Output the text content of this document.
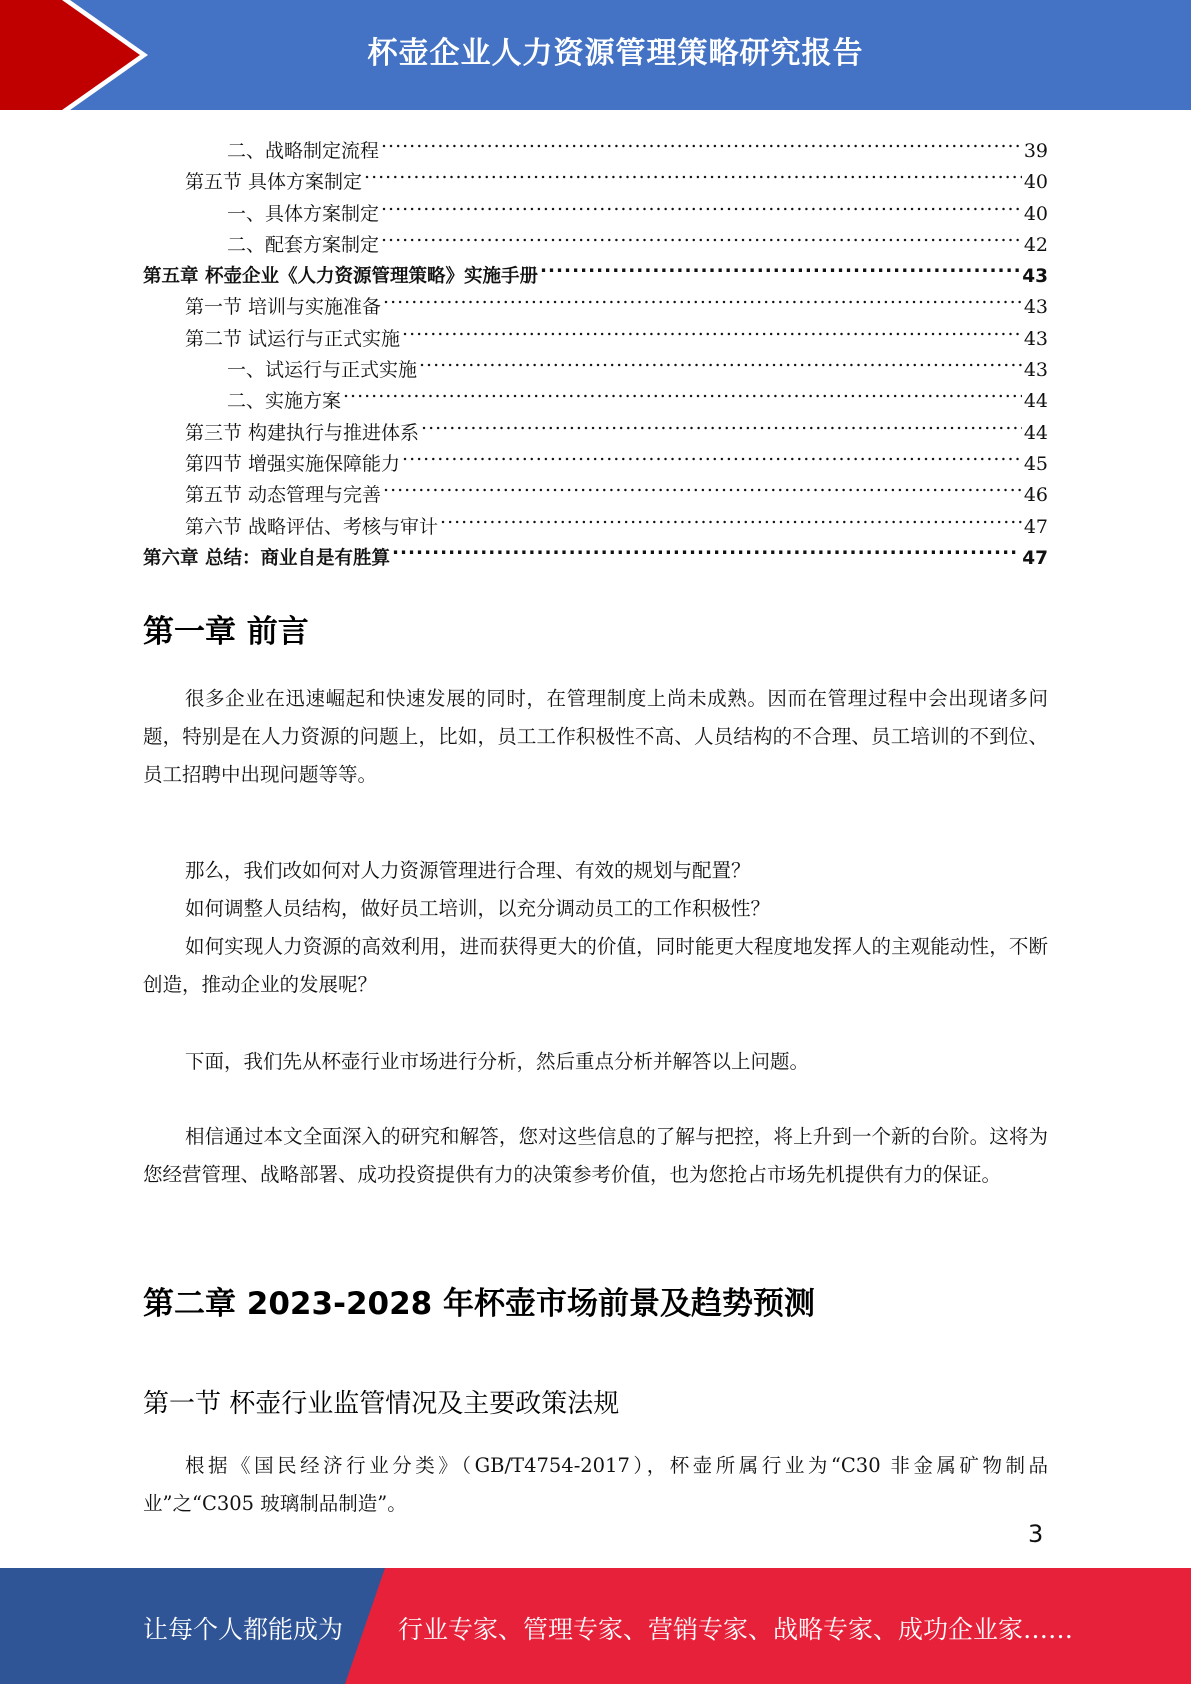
杯壶企业人力资源管理策略研究报告
二、战略制定流程 .....	39
第五节 具体方案制定 .....	40
一、具体方案制定 .....	40
二、配套方案制定 .....	42
第五章 杯壶企业《人力资源管理策略》实施手册 .....	43
第一节 培训与实施准备 .....	43
第二节 试运行与正式实施 .....	43
一、试运行与正式实施 .....	43
二、实施方案 .....	44
第三节 构建执行与推进体系 .....	44
第四节 增强实施保障能力 .....	45
第五节 动态管理与完善 .....	46
第六节 战略评估、考核与审计 .....	47
第六章 总结：商业自是有胜算 .....	47
第一章 前言

很多企业在迅速崛起和快速发展的同时，在管理制度上尚未成熟。因而在管理过程中会出现诸多问题，特别是在人力资源的问题上，比如，员工工作积极性不高、人员结构的不合理、员工培训的不到位、员工招聘中出现问题等等。

那么，我们改如何对人力资源管理进行合理、有效的规划与配置？

如何调整人员结构，做好员工培训，以充分调动员工的工作积极性？

如何实现人力资源的高效利用，进而获得更大的价值，同时能更大程度地发挥人的主观能动性，不断创造，推动企业的发展呢？

下面，我们先从杯壶行业市场进行分析，然后重点分析并解答以上问题。

相信通过本文全面深入的研究和解答，您对这些信息的了解与把控，将上升到一个新的台阶。这将为您经营管理、战略部署、成功投资提供有力的决策参考价值，也为您抢占市场先机提供有力的保证。

第二章 2023-2028 年杯壶市场前景及趋势预测
第一节 杯壶行业监管情况及主要政策法规

根据《国民经济行业分类》（GB/T4754-2017），杯壶所属行业为“C30 非金属矿物制品业”之“C305 玻璃制品制造”。

3
让每个人都能成为 行业专家、管理专家、营销专家、战略专家、成功企业家……
